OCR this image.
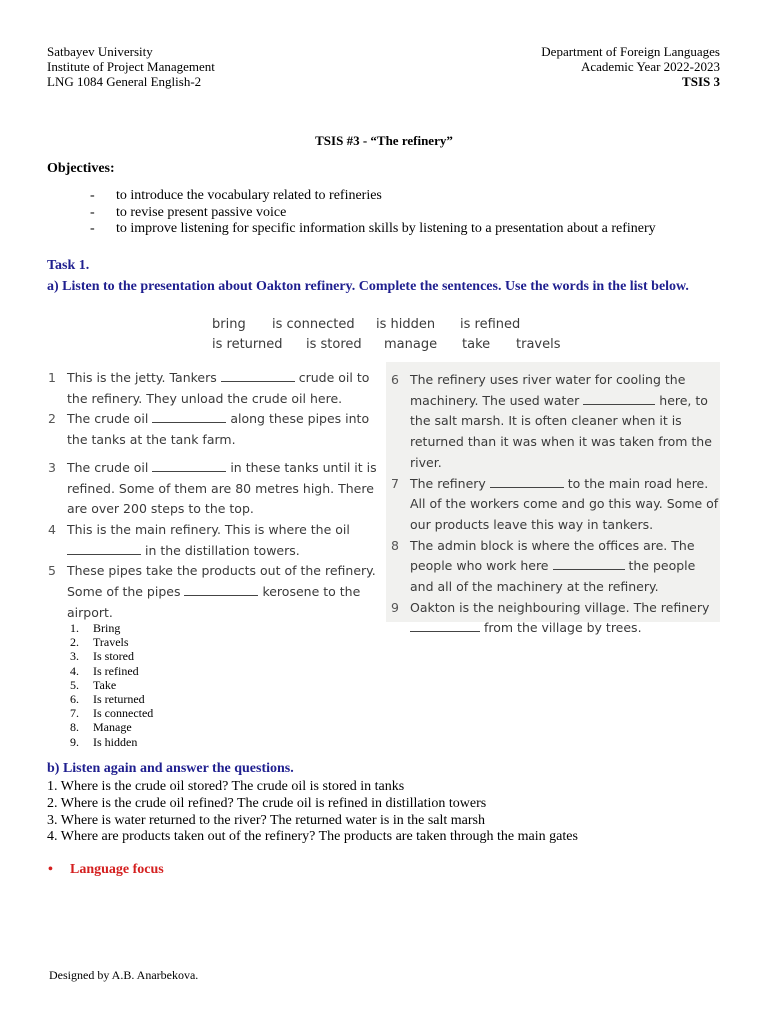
Satbayev University
Institute of Project Management
LNG 1084 General English-2
Department of Foreign Languages
Academic Year 2022-2023
TSIS 3
TSIS #3 - “The refinery”
Objectives:
- to introduce the vocabulary related to refineries
- to revise present passive voice
- to improve listening for specific information skills by listening to a presentation about a refinery
Task 1.
a) Listen to the presentation about Oakton refinery. Complete the sentences. Use the words in the list below.
bring	is connected	is hidden	is refined
is returned	is stored	manage	take	travels
1 This is the jetty. Tankers	crude oil to the refinery. They unload the crude oil here.
2 The crude oil	along these pipes into the tanks at the tank farm.
3 The crude oil	in these tanks until it is refined. Some of them are 80 metres high. There are over 200 steps to the top.
4 This is the main refinery. This is where the oil  in the distillation towers.
5 These pipes take the products out of the refinery. Some of the pipes	kerosene to the airport.
6 The refinery uses river water for cooling the machinery. The used water	here, to the salt marsh. It is often cleaner when it is returned than it was when it was taken from the river.
7 The refinery	to the main road here. All of the workers come and go this way. Some of our products leave this way in tankers.
8 The admin block is where the offices are. The people who work here	the people and all of the machinery at the refinery.
9 Oakton is the neighbouring village. The refinery  from the village by trees.
1. Bring
2. Travels
3. Is stored
4. Is refined
5. Take
6. Is returned
7. Is connected
8. Manage
9. Is hidden
b) Listen again and answer the questions.
1. Where is the crude oil stored? The crude oil is stored in tanks
2. Where is the crude oil refined? The crude oil is refined in distillation towers
3. Where is water returned to the river? The returned water is in the salt marsh
4. Where are products taken out of the refinery? The products are taken through the main gates
• Language focus
Designed by A.B. Anarbekova.
